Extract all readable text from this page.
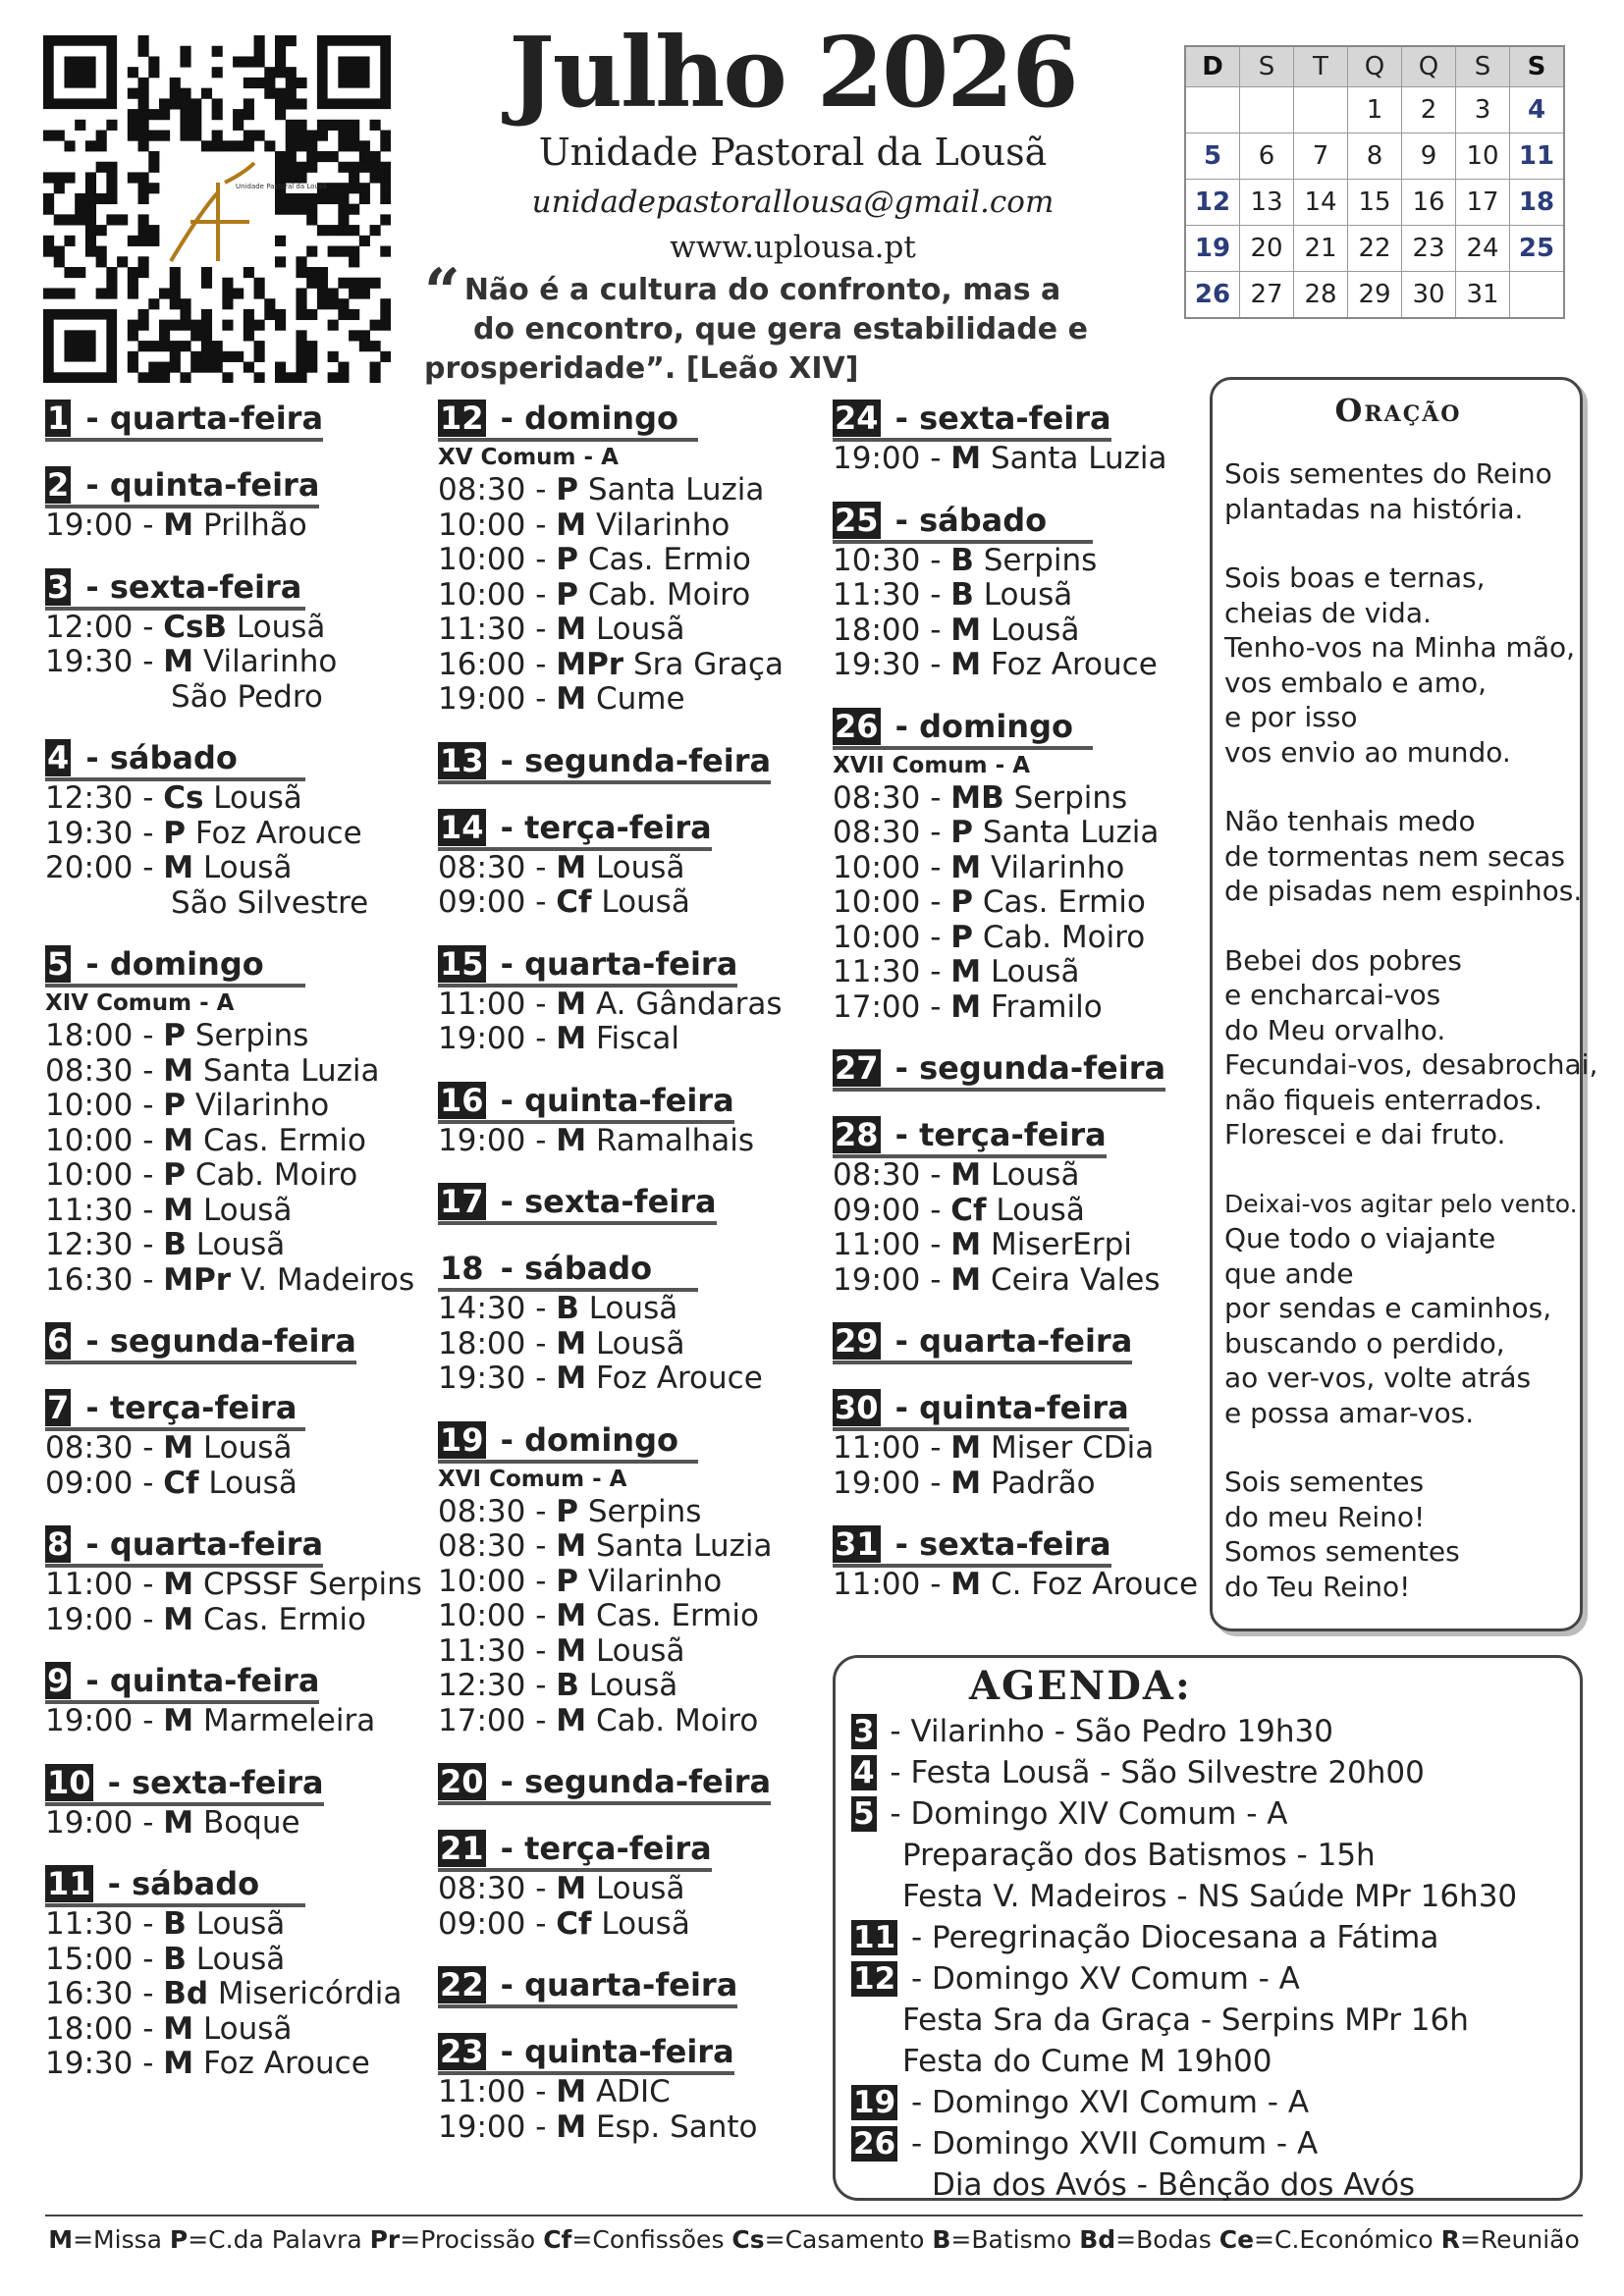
Unidade Pastoral da Lousã
Julho 2026
Unidade Pastoral da Lousã
unidadepastorallousa@gmail.com
www.uplousa.pt
“ Não é a cultura do confronto, mas a
do encontro, que gera estabilidade e
prosperidade”. [Leão XIV]
D	S	T	Q	Q	S	S
			1	2	3	4
5	6	7	8	9	10	11
12	13	14	15	16	17	18
19	20	21	22	23	24	25
26	27	28	29	30	31	
1 - quarta-feira
2 - quinta-feira
19:00 - M Prilhão
3 - sexta-feira
12:00 - CsB Lousã
19:30 - M Vilarinho
São Pedro
4 - sábado
12:30 - Cs Lousã
19:30 - P Foz Arouce
20:00 - M Lousã
São Silvestre
5 - domingo
XIV Comum - A
18:00 - P Serpins
08:30 - M Santa Luzia
10:00 - P Vilarinho
10:00 - M Cas. Ermio
10:00 - P Cab. Moiro
11:30 - M Lousã
12:30 - B Lousã
16:30 - MPr V. Madeiros
6 - segunda-feira
7 - terça-feira
08:30 - M Lousã
09:00 - Cf Lousã
8 - quarta-feira
11:00 - M CPSSF Serpins
19:00 - M Cas. Ermio
9 - quinta-feira
19:00 - M Marmeleira
10 - sexta-feira
19:00 - M Boque
11 - sábado
11:30 - B Lousã
15:00 - B Lousã
16:30 - Bd Misericórdia
18:00 - M Lousã
19:30 - M Foz Arouce
12 - domingo
XV Comum - A
08:30 - P Santa Luzia
10:00 - M Vilarinho
10:00 - P Cas. Ermio
10:00 - P Cab. Moiro
11:30 - M Lousã
16:00 - MPr Sra Graça
19:00 - M Cume
13 - segunda-feira
14 - terça-feira
08:30 - M Lousã
09:00 - Cf Lousã
15 - quarta-feira
11:00 - M A. Gândaras
19:00 - M Fiscal
16 - quinta-feira
19:00 - M Ramalhais
17 - sexta-feira
18 - sábado
14:30 - B Lousã
18:00 - M Lousã
19:30 - M Foz Arouce
19 - domingo
XVI Comum - A
08:30 - P Serpins
08:30 - M Santa Luzia
10:00 - P Vilarinho
10:00 - M Cas. Ermio
11:30 - M Lousã
12:30 - B Lousã
17:00 - M Cab. Moiro
20 - segunda-feira
21 - terça-feira
08:30 - M Lousã
09:00 - Cf Lousã
22 - quarta-feira
23 - quinta-feira
11:00 - M ADIC
19:00 - M Esp. Santo
24 - sexta-feira
19:00 - M Santa Luzia
25 - sábado
10:30 - B Serpins
11:30 - B Lousã
18:00 - M Lousã
19:30 - M Foz Arouce
26 - domingo
XVII Comum - A
08:30 - MB Serpins
08:30 - P Santa Luzia
10:00 - M Vilarinho
10:00 - P Cas. Ermio
10:00 - P Cab. Moiro
11:30 - M Lousã
17:00 - M Framilo
27 - segunda-feira
28 - terça-feira
08:30 - M Lousã
09:00 - Cf Lousã
11:00 - M MiserErpi
19:00 - M Ceira Vales
29 - quarta-feira
30 - quinta-feira
11:00 - M Miser CDia
19:00 - M Padrão
31 - sexta-feira
11:00 - M C. Foz Arouce
Oração
Sois sementes do Reino
plantadas na história.
Sois boas e ternas,
cheias de vida.
Tenho-vos na Minha mão,
vos embalo e amo,
e por isso
vos envio ao mundo.
Não tenhais medo
de tormentas nem secas
de pisadas nem espinhos.
Bebei dos pobres
e encharcai-vos
do Meu orvalho.
Fecundai-vos, desabrochai,
não fiqueis enterrados.
Florescei e dai fruto.
Deixai-vos agitar pelo vento.
Que todo o viajante
que ande
por sendas e caminhos,
buscando o perdido,
ao ver-vos, volte atrás
e possa amar-vos.
Sois sementes
do meu Reino!
Somos sementes
do Teu Reino!
AGENDA:
3 - Vilarinho - São Pedro 19h30
4 - Festa Lousã - São Silvestre 20h00
5 - Domingo XIV Comum - A
Preparação dos Batismos - 15h
Festa V. Madeiros - NS Saúde MPr 16h30
11 - Peregrinação Diocesana a Fátima
12 - Domingo XV Comum - A
Festa Sra da Graça - Serpins MPr 16h
Festa do Cume M 19h00
19 - Domingo XVI Comum - A
26 - Domingo XVII Comum - A
Dia dos Avós - Bênção dos Avós
M=Missa P=C.da Palavra Pr=Procissão Cf=Confissões Cs=Casamento B=Batismo Bd=Bodas Ce=C.Económico R=Reunião
